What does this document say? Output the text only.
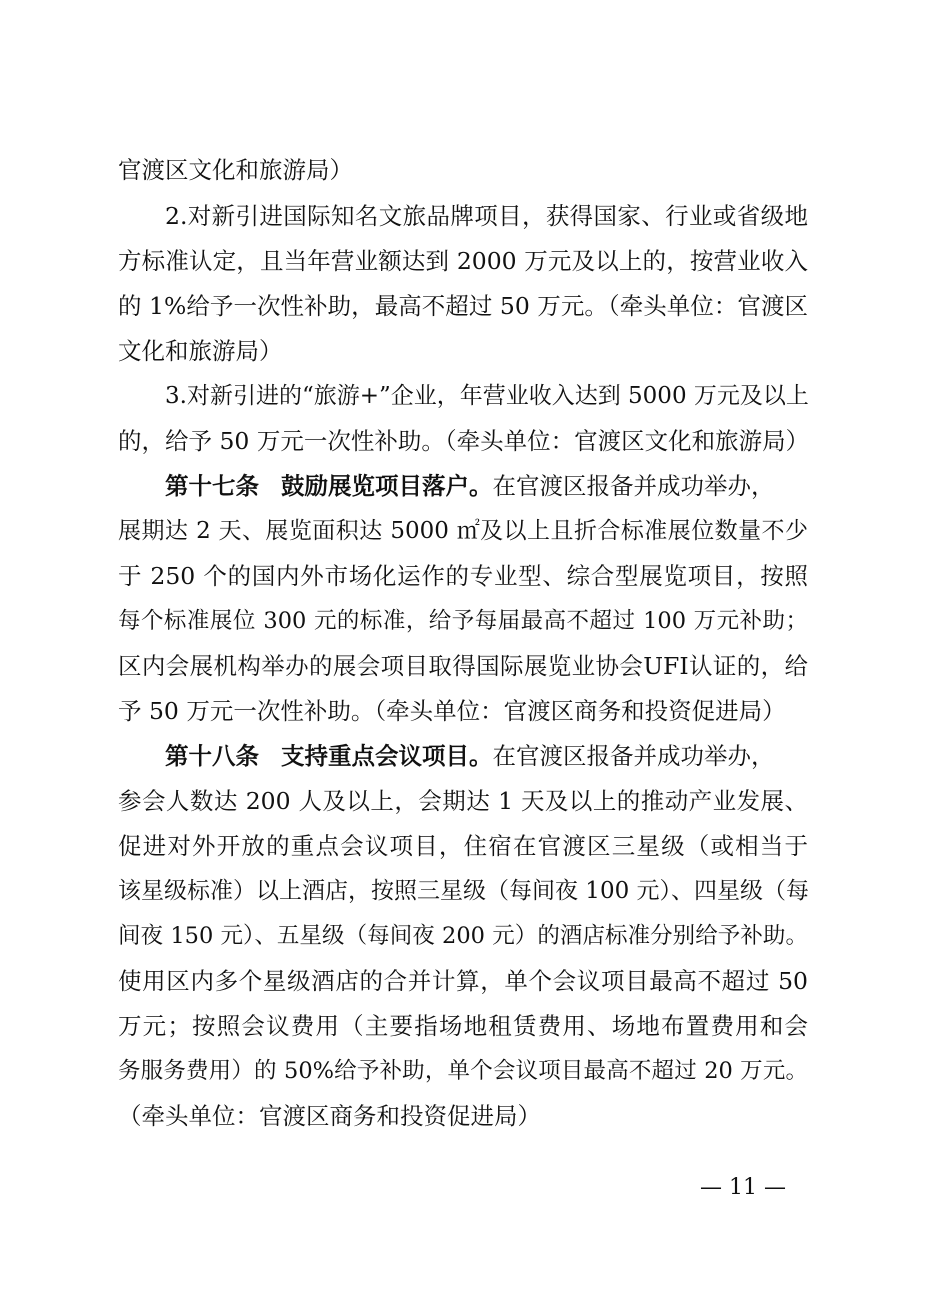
官渡区文化和旅游局）
2.对新引进国际知名文旅品牌项目，获得国家、行业或省级地
方标准认定，且当年营业额达到 2000 万元及以上的，按营业收入
的 1%给予一次性补助，最高不超过 50 万元。（牵头单位：官渡区
文化和旅游局）
3.对新引进的“旅游+”企业，年营业收入达到 5000 万元及以上
的，给予 50 万元一次性补助。（牵头单位：官渡区文化和旅游局）
第十七条 鼓励展览项目落户。在官渡区报备并成功举办，
展期达 2 天、展览面积达 5000 ㎡及以上且折合标准展位数量不少
于 250 个的国内外市场化运作的专业型、综合型展览项目，按照
每个标准展位 300 元的标准，给予每届最高不超过 100 万元补助；
区内会展机构举办的展会项目取得国际展览业协会UFI认证的，给
予 50 万元一次性补助。（牵头单位：官渡区商务和投资促进局）
第十八条 支持重点会议项目。在官渡区报备并成功举办，
参会人数达 200 人及以上，会期达 1 天及以上的推动产业发展、
促进对外开放的重点会议项目，住宿在官渡区三星级（或相当于
该星级标准）以上酒店，按照三星级（每间夜 100 元）、四星级（每
间夜 150 元）、五星级（每间夜 200 元）的酒店标准分别给予补助。
使用区内多个星级酒店的合并计算，单个会议项目最高不超过 50
万元；按照会议费用（主要指场地租赁费用、场地布置费用和会
务服务费用）的 50%给予补助，单个会议项目最高不超过 20 万元。
（牵头单位：官渡区商务和投资促进局）
— 11 —
